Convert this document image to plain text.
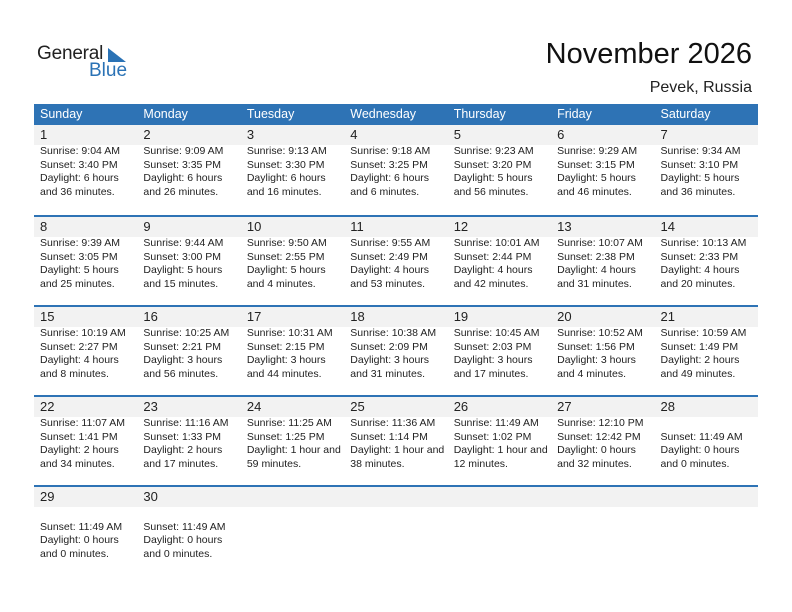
General
Blue
November 2026
Pevek, Russia
Sunday	Monday	Tuesday	Wednesday	Thursday	Friday	Saturday
1	2	3	4	5	6	7
Sunrise: 9:04 AM
Sunset: 3:40 PM
Daylight: 6 hours
and 36 minutes.
Sunrise: 9:09 AM
Sunset: 3:35 PM
Daylight: 6 hours
and 26 minutes.
Sunrise: 9:13 AM
Sunset: 3:30 PM
Daylight: 6 hours
and 16 minutes.
Sunrise: 9:18 AM
Sunset: 3:25 PM
Daylight: 6 hours
and 6 minutes.
Sunrise: 9:23 AM
Sunset: 3:20 PM
Daylight: 5 hours
and 56 minutes.
Sunrise: 9:29 AM
Sunset: 3:15 PM
Daylight: 5 hours
and 46 minutes.
Sunrise: 9:34 AM
Sunset: 3:10 PM
Daylight: 5 hours
and 36 minutes.
8	9	10	11	12	13	14
Sunrise: 9:39 AM
Sunset: 3:05 PM
Daylight: 5 hours
and 25 minutes.
Sunrise: 9:44 AM
Sunset: 3:00 PM
Daylight: 5 hours
and 15 minutes.
Sunrise: 9:50 AM
Sunset: 2:55 PM
Daylight: 5 hours
and 4 minutes.
Sunrise: 9:55 AM
Sunset: 2:49 PM
Daylight: 4 hours
and 53 minutes.
Sunrise: 10:01 AM
Sunset: 2:44 PM
Daylight: 4 hours
and 42 minutes.
Sunrise: 10:07 AM
Sunset: 2:38 PM
Daylight: 4 hours
and 31 minutes.
Sunrise: 10:13 AM
Sunset: 2:33 PM
Daylight: 4 hours
and 20 minutes.
15	16	17	18	19	20	21
Sunrise: 10:19 AM
Sunset: 2:27 PM
Daylight: 4 hours
and 8 minutes.
Sunrise: 10:25 AM
Sunset: 2:21 PM
Daylight: 3 hours
and 56 minutes.
Sunrise: 10:31 AM
Sunset: 2:15 PM
Daylight: 3 hours
and 44 minutes.
Sunrise: 10:38 AM
Sunset: 2:09 PM
Daylight: 3 hours
and 31 minutes.
Sunrise: 10:45 AM
Sunset: 2:03 PM
Daylight: 3 hours
and 17 minutes.
Sunrise: 10:52 AM
Sunset: 1:56 PM
Daylight: 3 hours
and 4 minutes.
Sunrise: 10:59 AM
Sunset: 1:49 PM
Daylight: 2 hours
and 49 minutes.
22	23	24	25	26	27	28
Sunrise: 11:07 AM
Sunset: 1:41 PM
Daylight: 2 hours
and 34 minutes.
Sunrise: 11:16 AM
Sunset: 1:33 PM
Daylight: 2 hours
and 17 minutes.
Sunrise: 11:25 AM
Sunset: 1:25 PM
Daylight: 1 hour and
59 minutes.
Sunrise: 11:36 AM
Sunset: 1:14 PM
Daylight: 1 hour and
38 minutes.
Sunrise: 11:49 AM
Sunset: 1:02 PM
Daylight: 1 hour and
12 minutes.
Sunrise: 12:10 PM
Sunset: 12:42 PM
Daylight: 0 hours
and 32 minutes.
Sunset: 11:49 AM
Daylight: 0 hours
and 0 minutes.
29	30
Sunset: 11:49 AM
Daylight: 0 hours
and 0 minutes.
Sunset: 11:49 AM
Daylight: 0 hours
and 0 minutes.
